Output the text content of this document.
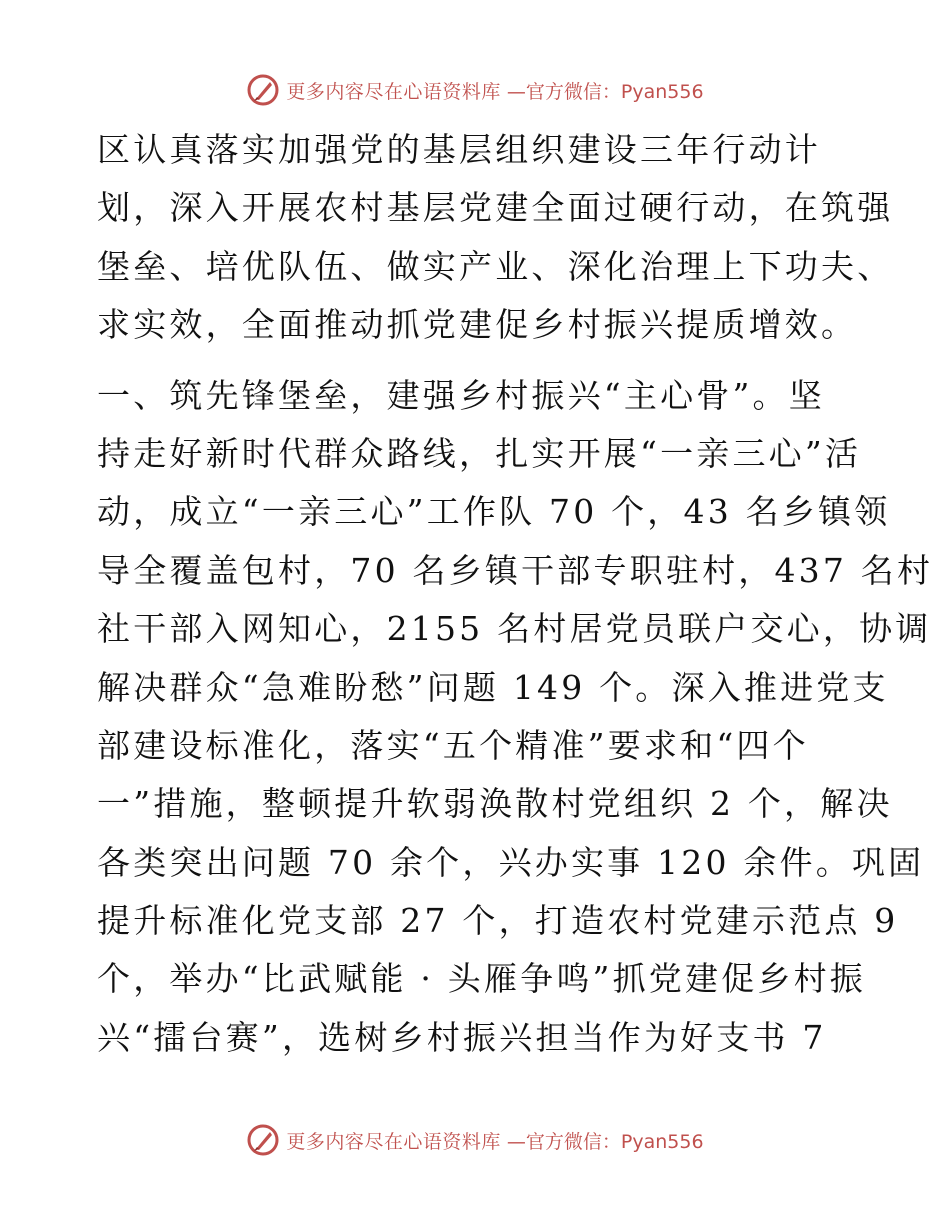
更多内容尽在心语资料库 —官方微信：Pyan556
区认真落实加强党的基层组织建设三年行动计
划，深入开展农村基层党建全面过硬行动，在筑强
堡垒、培优队伍、做实产业、深化治理上下功夫、
求实效，全面推动抓党建促乡村振兴提质增效。
一、筑先锋堡垒，建强乡村振兴“主心骨”。坚
持走好新时代群众路线，扎实开展“一亲三心”活
动，成立“一亲三心”工作队 70 个，43 名乡镇领
导全覆盖包村，70 名乡镇干部专职驻村，437 名村
社干部入网知心，2155 名村居党员联户交心，协调
解决群众“急难盼愁”问题 149 个。深入推进党支
部建设标准化，落实“五个精准”要求和“四个
一”措施，整顿提升软弱涣散村党组织 2 个，解决
各类突出问题 70 余个，兴办实事 120 余件。巩固
提升标准化党支部 27 个，打造农村党建示范点 9
个，举办“比武赋能 · 头雁争鸣”抓党建促乡村振
兴“擂台赛”，选树乡村振兴担当作为好支书 7
更多内容尽在心语资料库 —官方微信：Pyan556
